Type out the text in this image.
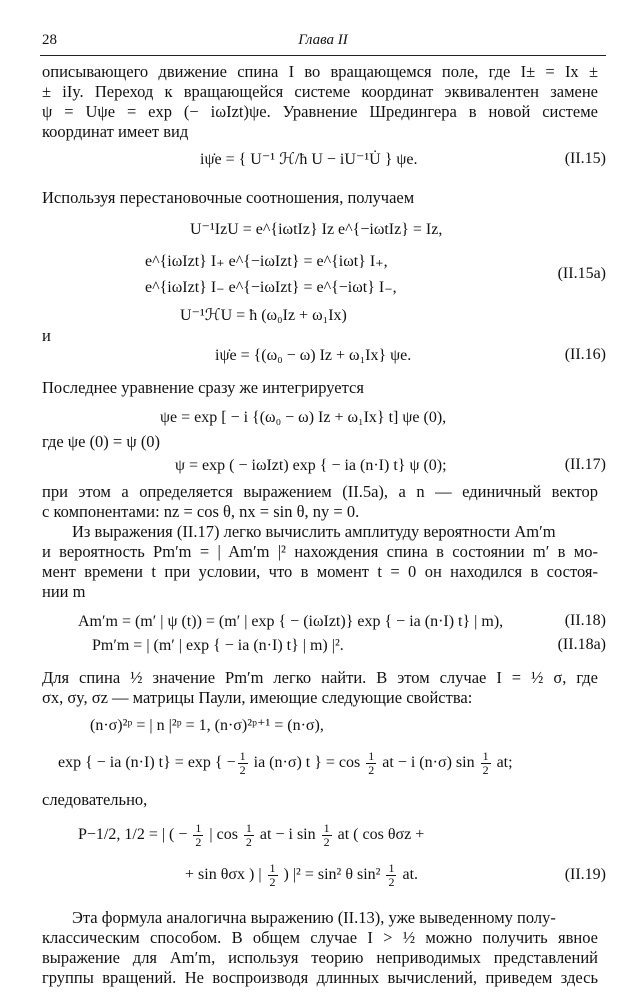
28	Глава II
описывающего движение спина I во вращающемся поле, где I± = Ix ±
± iIy. Переход к вращающейся системе координат эквивалентен замене
ψ = Uψe = exp (− iωIzt)ψe. Уравнение Шредингера в новой системе
координат имеет вид
iψ̇e = { U⁻¹ ℋ/ħ U − iU⁻¹U̇ } ψe.	(II.15)
Используя перестановочные соотношения, получаем
U⁻¹IzU = e^{iωtIz} Iz e^{−iωtIz} = Iz,
e^{iωIzt} I₊ e^{−iωIzt} = e^{iωt} I₊,
e^{iωIzt} I₋ e^{−iωIzt} = e^{−iωt} I₋,
(II.15a)
U⁻¹ℋU = ħ (ω₀Iz + ω₁Ix)
и
iψ̇e = {(ω₀ − ω) Iz + ω₁Ix} ψe.	(II.16)
Последнее уравнение сразу же интегрируется
ψe = exp [ − i {(ω₀ − ω) Iz + ω₁Ix} t] ψe (0),
где ψe (0) = ψ (0)
ψ = exp ( − iωIzt) exp { − ia (n·I) t} ψ (0);	(II.17)
при этом a определяется выражением (II.5a), а n — единичный вектор
с компонентами: nz = cos θ, nx = sin θ, ny = 0.
Из выражения (II.17) легко вычислить амплитуду вероятности Am′m
и вероятность Pm′m = | Am′m |² нахождения спина в состоянии m′ в мо-
мент времени t при условии, что в момент t = 0 он находился в состоя-
нии m
Am′m = (m′ | ψ (t)) = (m′ | exp { − (iωIzt)} exp { − ia (n·I) t} | m),	(II.18)
Pm′m = | (m′ | exp { − ia (n·I) t} | m) |².	(II.18a)
Для спина ½ значение Pm′m легко найти. В этом случае I = ½ σ, где
σx, σy, σz — матрицы Паули, имеющие следующие свойства:
(n·σ)²ᵖ = | n |²ᵖ = 1, (n·σ)²ᵖ⁺¹ = (n·σ),
exp { − ia (n·I) t} = exp { − $\frac{1}{2}$ ia (n·σ) t } = $\cos \frac{1}{2}$ at − i (n·σ) $\sin \frac{1}{2}$ at;
следовательно,
P−1/2, 1/2 = | ( − $\frac{1}{2}$ | $\cos \frac{1}{2}$ at − i $\sin \frac{1}{2}$ at ( cos θσz +
+ sin θσx ) | $\frac{1}{2}$ ) |² = sin² θ $\sin^2 \frac{1}{2}$ at.	(II.19)
Эта формула аналогична выражению (II.13), уже выведенному полу-
классическим способом. В общем случае I > ½ можно получить явное
выражение для Am′m, используя теорию неприводимых представлений
группы вращений. Не воспроизводя длинных вычислений, приведем здесь
